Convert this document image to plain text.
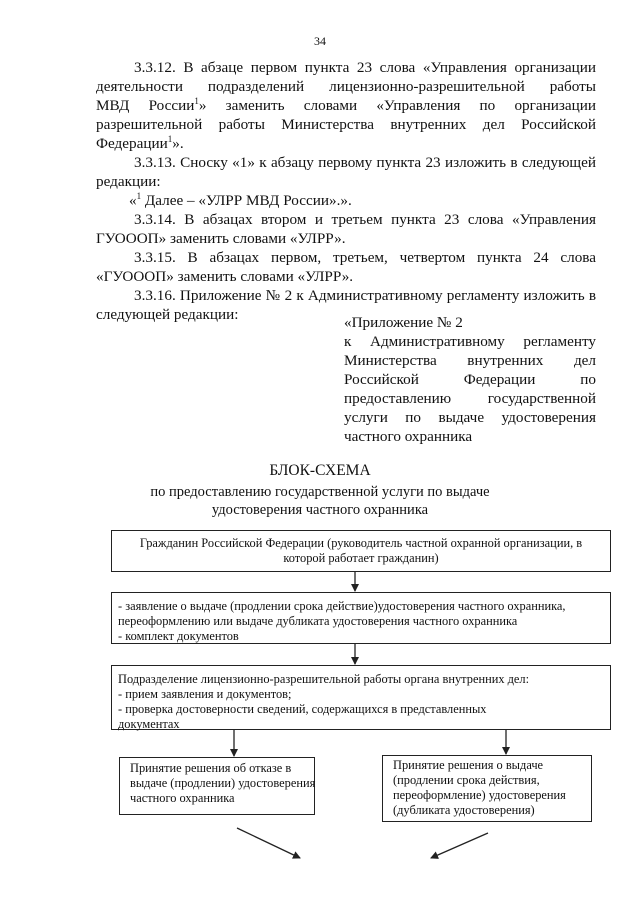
34
3.3.12. В абзаце первом пункта 23 слова «Управления организации
деятельности подразделений лицензионно-разрешительной работы
МВД России$^1$» заменить словами «Управления по организации
разрешительной работы Министерства внутренних дел Российской
Федерации$^1$».
3.3.13. Сноску «1» к абзацу первому пункта 23 изложить в следующей
редакции:
«$^1$ Далее – «УЛРР МВД России».».
3.3.14. В абзацах втором и третьем пункта 23 слова «Управления
ГУОООП» заменить словами «УЛРР».
3.3.15. В абзацах первом, третьем, четвертом пункта 24 слова
«ГУОООП» заменить словами «УЛРР».
3.3.16. Приложение № 2 к Административному регламенту изложить в
следующей редакции:	«Приложение № 2
к Административному регламенту
Министерства внутренних дел
Российской Федерации по
предоставлению государственной
услуги по выдаче удостоверения
частного охранника
БЛОК-СХЕМА
по предоставлению государственной услуги по выдаче
удостоверения частного охранника
Гражданин Российской Федерации (руководитель частной охранной организации, в
которой работает гражданин)
- заявление о выдаче (продлении срока действие)удостоверения частного охранника,
переоформлению или выдаче дубликата удостоверения частного охранника
- комплект документов
Подразделение лицензионно-разрешительной работы органа внутренних дел:
- прием заявления и документов;
- проверка достоверности сведений, содержащихся в представленных
документах
Принятие решения об отказе в
выдаче (продлении) удостоверения
частного охранника
Принятие решения о выдаче
(продлении срока действия,
переоформление) удостоверения
(дубликата удостоверения)
